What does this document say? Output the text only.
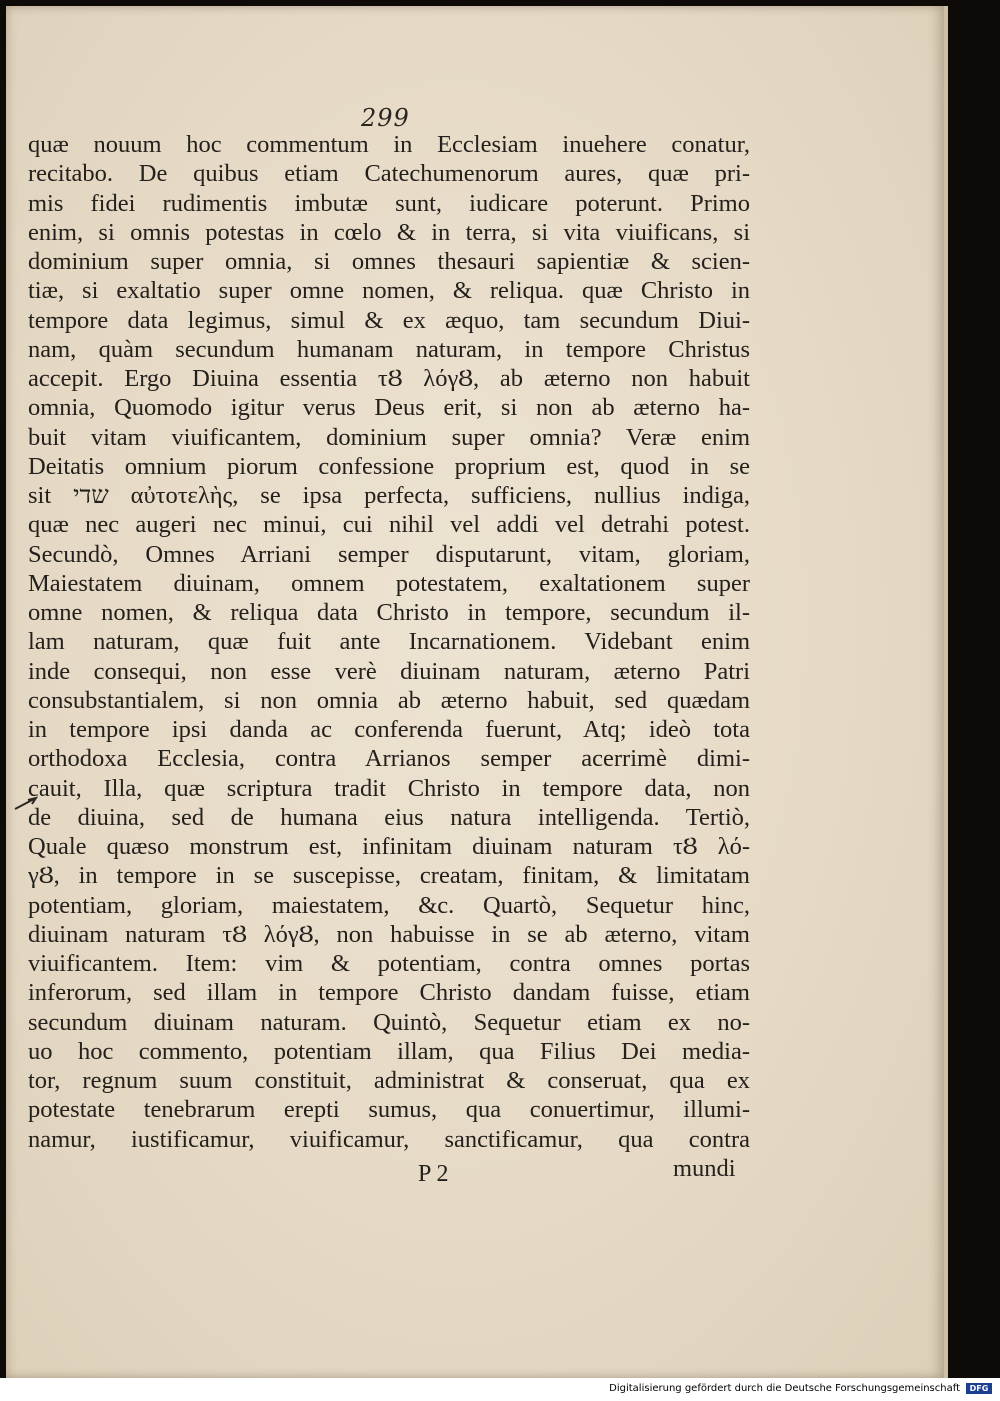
299
quæ nouum hoc commentum in Ecclesiam inuehere conatur,
recitabo. De quibus etiam Catechumenorum aures, quæ pri-
mis fidei rudimentis imbutæ sunt, iudicare poterunt. Primo
enim, si omnis potestas in cœlo & in terra, si vita viuificans, si
dominium super omnia, si omnes thesauri sapientiæ & scien-
tiæ, si exaltatio super omne nomen, & reliqua. quæ Christo in
tempore data legimus, simul & ex æquo, tam secundum Diui-
nam, quàm secundum humanam naturam, in tempore Christus
accepit. Ergo Diuina essentia τȢ λόγȢ, ab æterno non habuit
omnia, Quomodo igitur verus Deus erit, si non ab æterno ha-
buit vitam viuificantem, dominium super omnia? Veræ enim
Deitatis omnium piorum confessione proprium est, quod in se
sit שדי αὐτοτελὴς, se ipsa perfecta, sufficiens, nullius indiga,
quæ nec augeri nec minui, cui nihil vel addi vel detrahi potest.
Secundò, Omnes Arriani semper disputarunt, vitam, gloriam,
Maiestatem diuinam, omnem potestatem, exaltationem super
omne nomen, & reliqua data Christo in tempore, secundum il-
lam naturam, quæ fuit ante Incarnationem. Videbant enim
inde consequi, non esse verè diuinam naturam, æterno Patri
consubstantialem, si non omnia ab æterno habuit, sed quædam
in tempore ipsi danda ac conferenda fuerunt, Atq; ideò tota
orthodoxa Ecclesia, contra Arrianos semper acerrimè dimi-
cauit, Illa, quæ scriptura tradit Christo in tempore data, non
de diuina, sed de humana eius natura intelligenda. Tertiò,
Quale quæso monstrum est, infinitam diuinam naturam τȢ λό-
γȢ, in tempore in se suscepisse, creatam, finitam, & limitatam
potentiam, gloriam, maiestatem, &c. Quartò, Sequetur hinc,
diuinam naturam τȢ λόγȢ, non habuisse in se ab æterno, vitam
viuificantem. Item: vim & potentiam, contra omnes portas
inferorum, sed illam in tempore Christo dandam fuisse, etiam
secundum diuinam naturam. Quintò, Sequetur etiam ex no-
uo hoc commento, potentiam illam, qua Filius Dei media-
tor, regnum suum constituit, administrat & conseruat, qua ex
potestate tenebrarum erepti sumus, qua conuertimur, illumi-
namur, iustificamur, viuificamur, sanctificamur, qua contra
P 2	mundi
Digitalisierung gefördert durch die Deutsche Forschungsgemeinschaft	DFG
